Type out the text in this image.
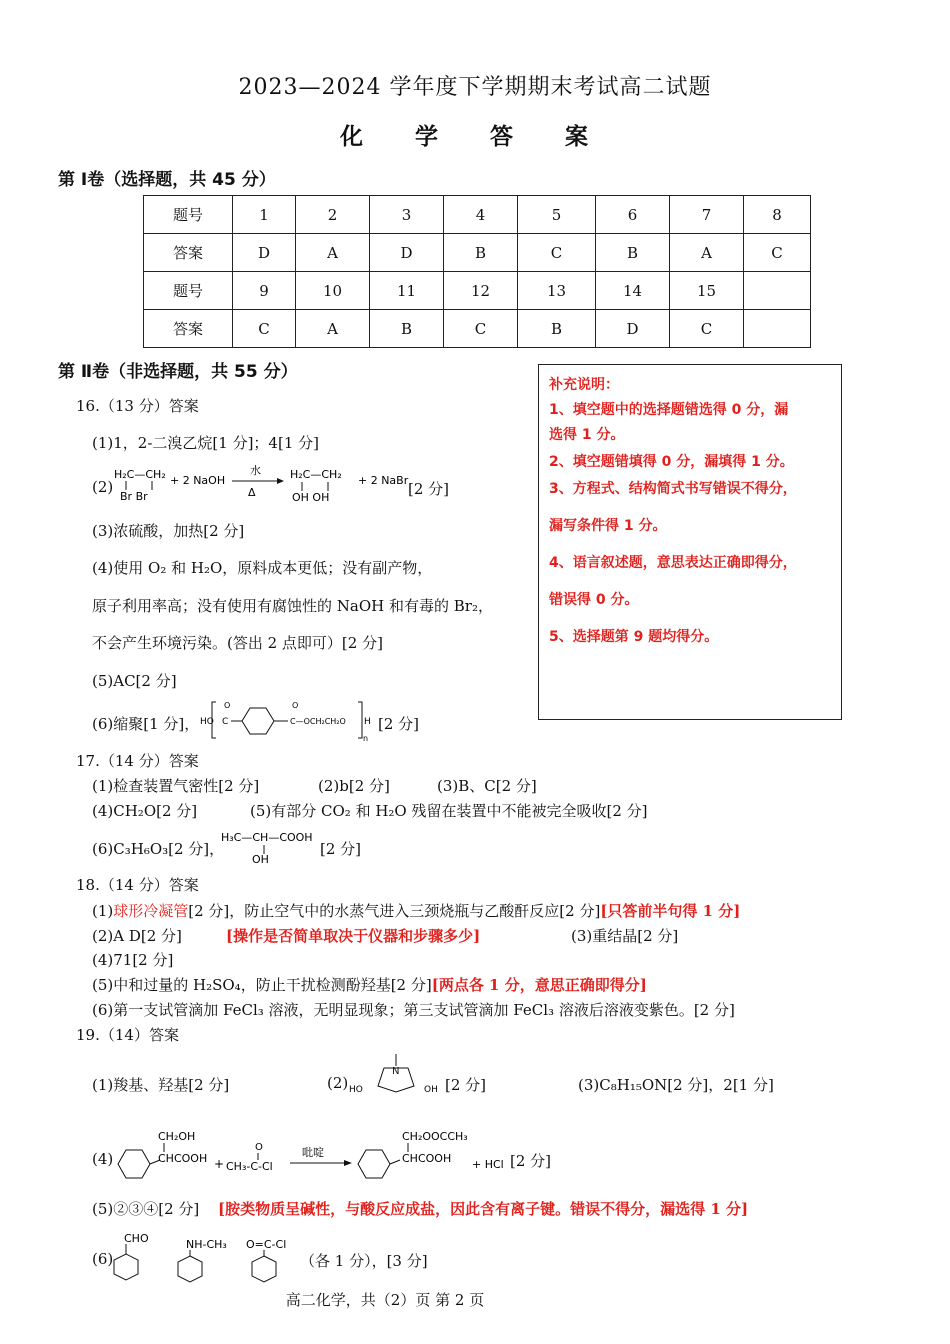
2023—2024 学年度下学期期末考试高二试题
化 学 答 案
第 Ⅰ卷（选择题，共 45 分）
题号	1	2	3	4	5	6	7	8
答案	D	A	D	B	C	B	A	C
题号	9	10	11	12	13	14	15	
答案	C	A	B	C	B	D	C	
第 Ⅱ卷（非选择题，共 55 分）
补充说明：
1、填空题中的选择题错选得 0 分，漏
选得 1 分。
2、填空题错填得 0 分，漏填得 1 分。
3、方程式、结构简式书写错误不得分，
漏写条件得 1 分。
4、语言叙述题，意思表达正确即得分，
错误得 0 分。
5、选择题第 9 题均得分。
16.（13 分）答案
(1)1，2-二溴乙烷[1 分]；4[1 分]
(2)
H₂C—CH₂
Br Br
+ 2 NaOH
水
Δ
H₂C—CH₂
OH OH
+ 2 NaBr [2 分]
(3)浓硫酸，加热[2 分]
(4)使用 O₂ 和 H₂O，原料成本更低；没有副产物，
原子利用率高；没有使用有腐蚀性的 NaOH 和有毒的 Br₂，
不会产生环境污染。(答出 2 点即可）[2 分]
(5)AC[2 分]
(6)缩聚[1 分]， HO
O
C
O
C—OCH₂CH₂O H
n
[2 分]
17.（14 分）答案
(1)检查装置气密性[2 分]	(2)b[2 分]	(3)B、C[2 分]
(4)CH₂O[2 分]	(5)有部分 CO₂ 和 H₂O 残留在装置中不能被完全吸收[2 分]
(6)C₃H₆O₃[2 分]，
H₃C—CH—COOH
OH
[2 分]
18.（14 分）答案
(1)球形冷凝管[2 分]，防止空气中的水蒸气进入三颈烧瓶与乙酸酐反应[2 分][只答前半句得 1 分]
(2)A D[2 分]	[操作是否简单取决于仪器和步骤多少]	(3)重结晶[2 分]
(4)71[2 分]
(5)中和过量的 H₂SO₄，防止干扰检测酚羟基[2 分][两点各 1 分，意思正确即得分]
(6)第一支试管滴加 FeCl₃ 溶液，无明显现象；第三支试管滴加 FeCl₃ 溶液后溶液变紫色。[2 分]
19.（14）答案
(1)羧基、羟基[2 分]	(2)
N
HO	OH [2 分]	(3)C₈H₁₅ON[2 分]，2[1 分]
(4)
CH₂OH
CHCOOH +
O
CH₃-C-Cl
吡啶
CH₂OOCCH₃
CHCOOH + HCl [2 分]
(5)②③④[2 分] [胺类物质呈碱性，与酸反应成盐，因此含有离子键。错误不得分，漏选得 1 分]
(6)
CHO	NH-CH₃ O=C-Cl
（各 1 分），[3 分]
高二化学，共（2）页 第 2 页
